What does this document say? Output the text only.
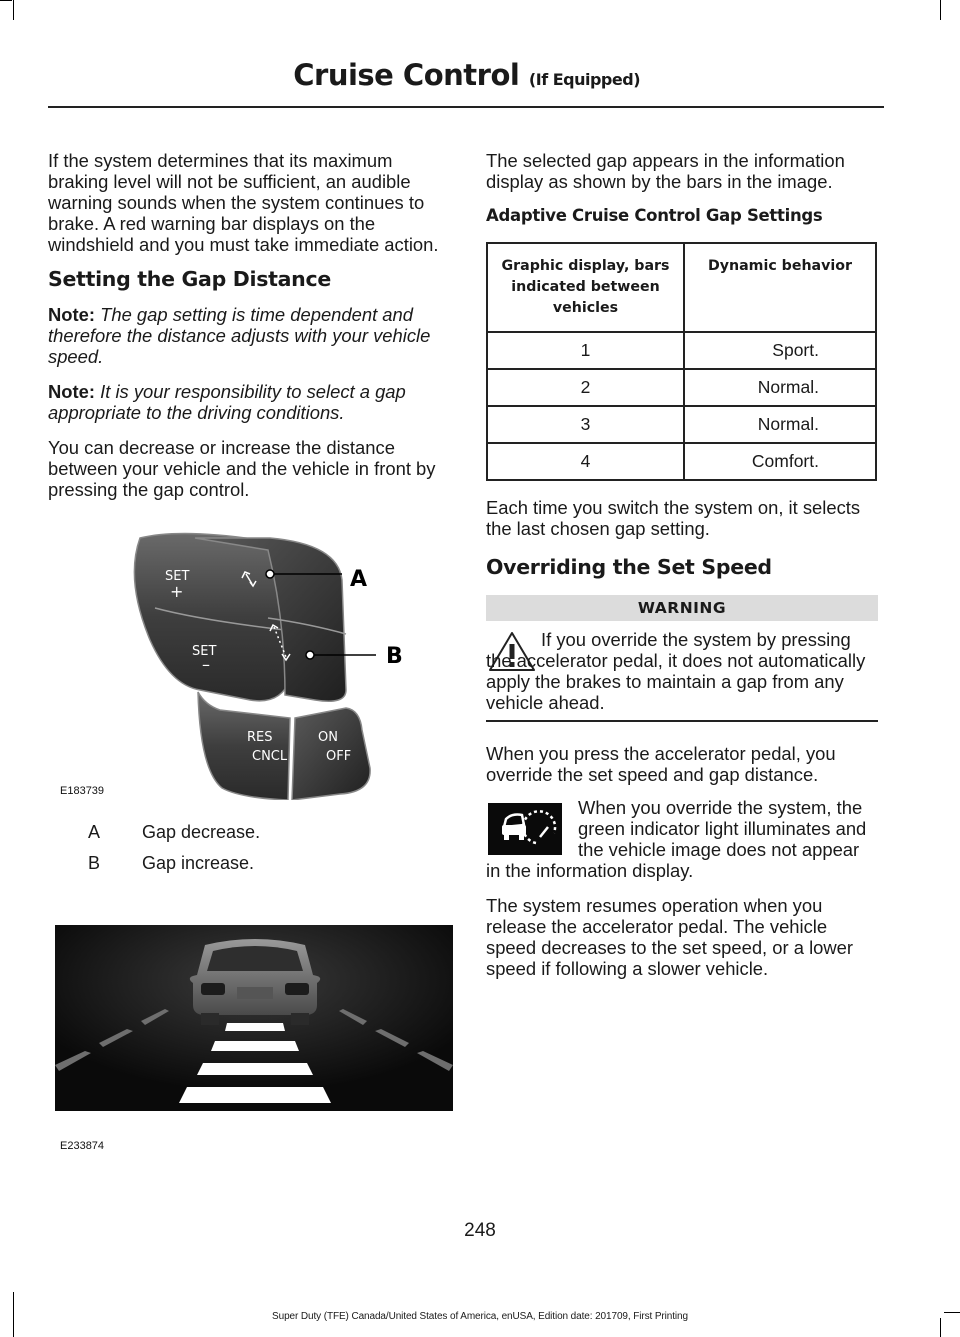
Cruise Control (If Equipped)

If the system determines that its maximum braking level will not be sufficient, an audible warning sounds when the system continues to brake. A red warning bar displays on the windshield and you must take immediate action.

Setting the Gap Distance

Note: The gap setting is time dependent and therefore the distance adjusts with your vehicle speed.

Note: It is your responsibility to select a gap appropriate to the driving conditions.

You can decrease or increase the distance between your vehicle and the vehicle in front by pressing the gap control.

SET
+
SET
–
RES
CNCL
ON
OFF
A
B
E183739
A Gap decrease.
B Gap increase.
E233874

The selected gap appears in the information display as shown by the bars in the image.

Adaptive Cruise Control Gap Settings
Graphic display, bars indicated between vehicles	Dynamic behavior
1	Sport.
2	Normal.
3	Normal.
4	Comfort.

Each time you switch the system on, it selects the last chosen gap setting.

Overriding the Set Speed
WARNING
If you override the system by pressing the accelerator pedal, it does not automatically apply the brakes to maintain a gap from any vehicle ahead.

When you press the accelerator pedal, you override the set speed and gap distance.

When you override the system, the green indicator light illuminates and the vehicle image does not appear in the information display.

The system resumes operation when you release the accelerator pedal. The vehicle speed decreases to the set speed, or a lower speed if following a slower vehicle.

248
Super Duty (TFE) Canada/United States of America, enUSA, Edition date: 201709, First Printing
